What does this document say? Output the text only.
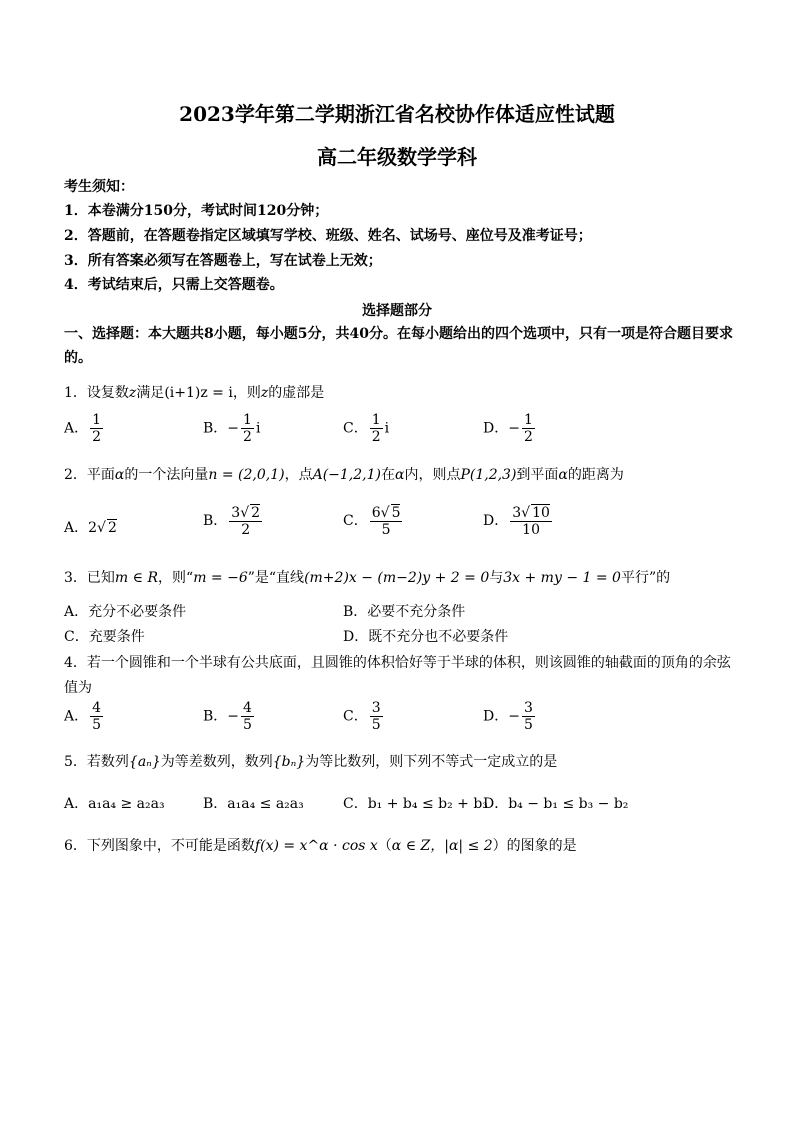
2023学年第二学期浙江省名校协作体适应性试题
高二年级数学学科
考生须知：
1．本卷满分150分，考试时间120分钟；
2．答题前，在答题卷指定区域填写学校、班级、姓名、试场号、座位号及准考证号；
3．所有答案必须写在答题卷上，写在试卷上无效；
4．考试结束后，只需上交答题卷。
选择题部分
一、选择题：本大题共8小题，每小题5分，共40分。在每小题给出的四个选项中，只有一项是符合题目要求的。
1．设复数z满足(i+1)z = i，则z的虚部是
A． $\frac{1}{2}$	B．− $\frac{1}{2}$ i	C． $\frac{1}{2}$ i	D．− $\frac{1}{2}$
2．平面α的一个法向量n = (2,0,1)，点A(−1,2,1)在α内，则点P(1,2,3)到平面α的距离为
A．2√ 2	B． $\frac{3√ 2}{2}$	C． $\frac{6√ 5}{5}$	D． $\frac{3√ 10}{10}$
3．已知m ∈ R，则“m = −6”是“直线(m+2)x − (m−2)y + 2 = 0与3x + my − 1 = 0平行”的
A．充分不必要条件	B．必要不充分条件
C．充要条件	D．既不充分也不必要条件
4．若一个圆锥和一个半球有公共底面，且圆锥的体积恰好等于半球的体积，则该圆锥的轴截面的顶角的余弦
值为
A． $\frac{4}{5}$	B．− $\frac{4}{5}$	C． $\frac{3}{5}$	D．− $\frac{3}{5}$
5．若数列{aₙ}为等差数列，数列{bₙ}为等比数列，则下列不等式一定成立的是
A．a₁a₄ ≥ a₂a₃	B．a₁a₄ ≤ a₂a₃	C．b₁ + b₄ ≤ b₂ + b₃
D．b₄ − b₁ ≤ b₃ − b₂
6．下列图象中，不可能是函数f(x) = x^α · cos x（α ∈ Z，|α| ≤ 2）的图象的是
